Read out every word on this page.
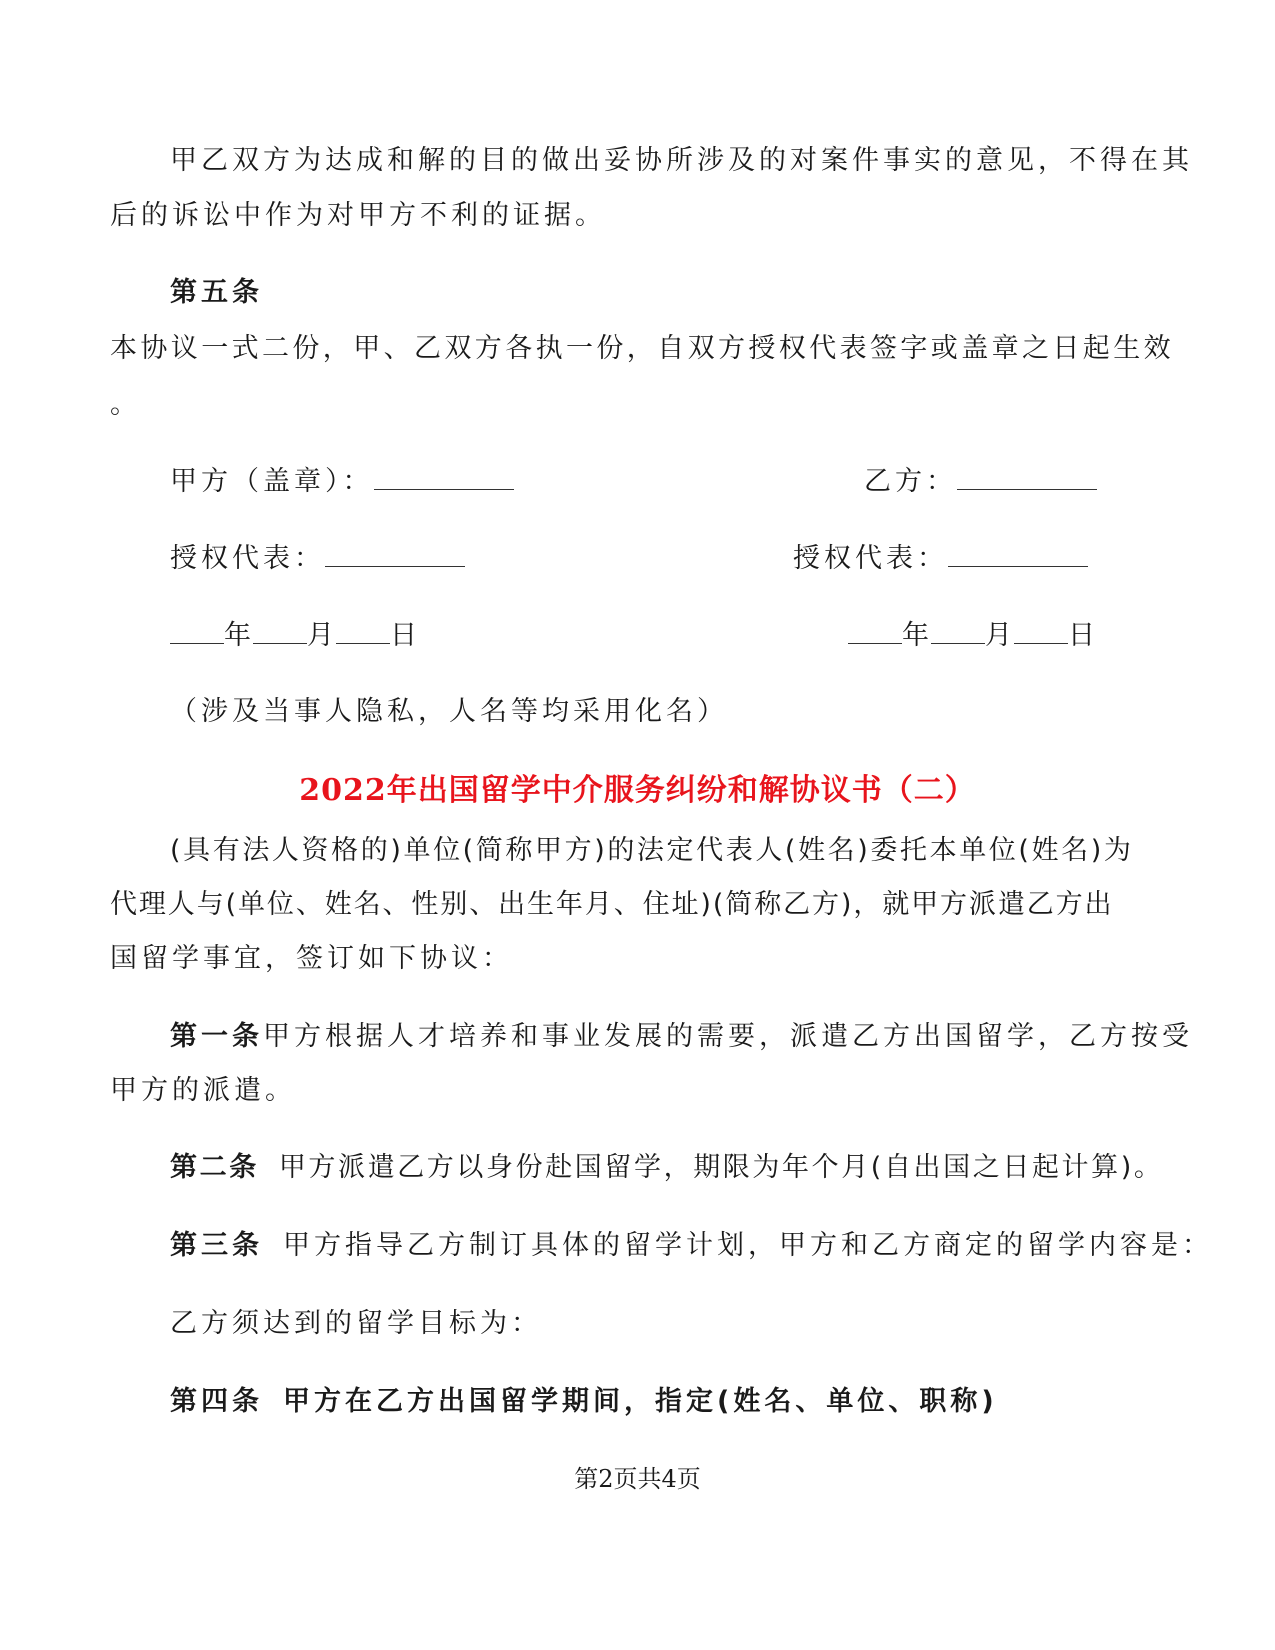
甲乙双方为达成和解的目的做出妥协所涉及的对案件事实的意见，不得在其
后的诉讼中作为对甲方不利的证据。
第五条
本协议一式二份，甲、乙双方各执一份，自双方授权代表签字或盖章之日起生效
。
甲方（盖章）：	乙方：
授权代表：	授权代表：
年 月 日	年 月 日
（涉及当事人隐私，人名等均采用化名）
2022年出国留学中介服务纠纷和解协议书（二）
(具有法人资格的)单位(简称甲方)的法定代表人(姓名)委托本单位(姓名)为
代理人与(单位、姓名、性别、出生年月、住址)(简称乙方)，就甲方派遣乙方出
国留学事宜，签订如下协议：
第一条甲方根据人才培养和事业发展的需要，派遣乙方出国留学，乙方按受
甲方的派遣。
第二条 甲方派遣乙方以身份赴国留学，期限为年个月(自出国之日起计算)。
第三条 甲方指导乙方制订具体的留学计划，甲方和乙方商定的留学内容是：
乙方须达到的留学目标为：
第四条 甲方在乙方出国留学期间，指定(姓名、单位、职称)
第2页共4页
